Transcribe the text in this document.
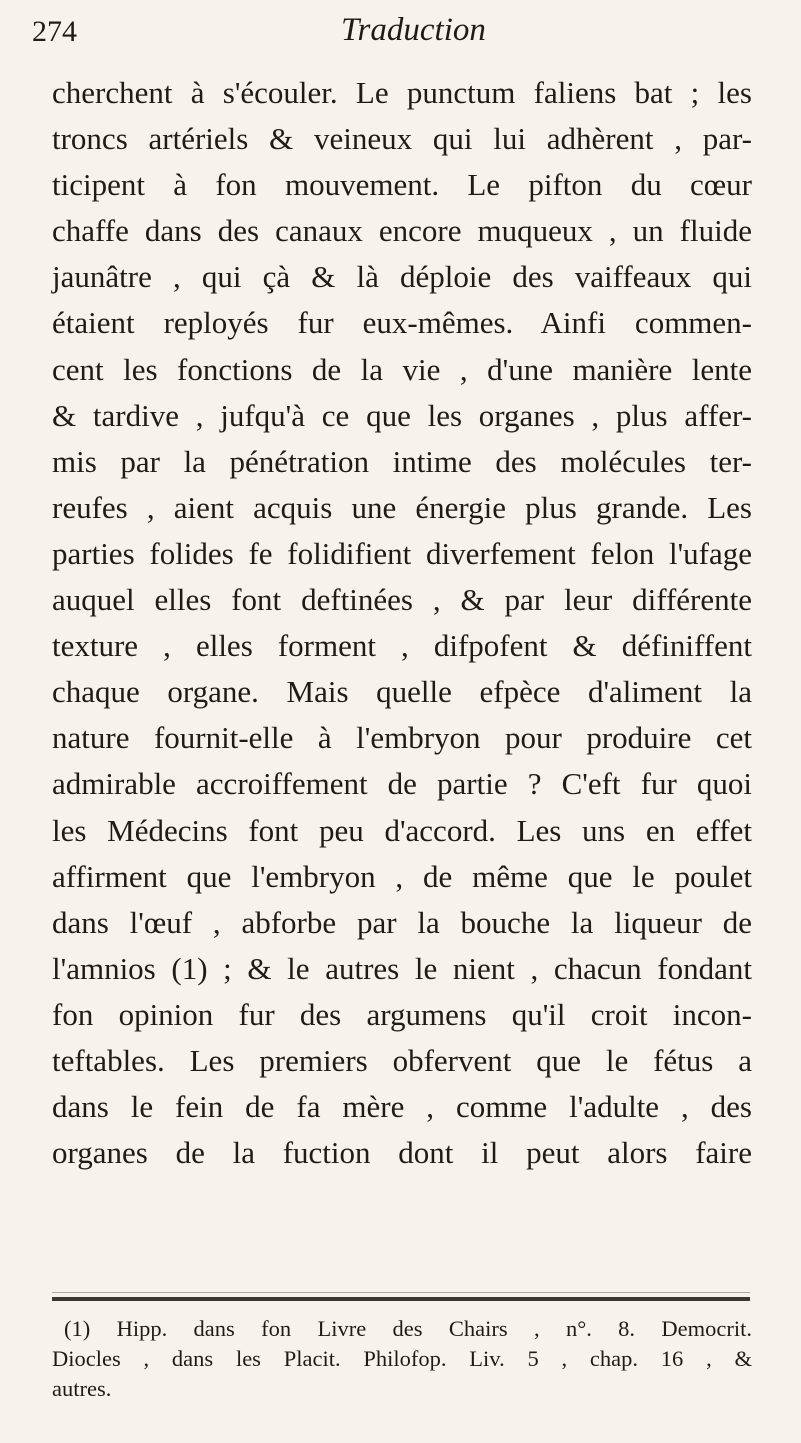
274	Traduction
cherchent à s'écouler. Le punctum faliens bat ; les
troncs artériels & veineux qui lui adhèrent , par-
ticipent à fon mouvement. Le pifton du cœur
chaffe dans des canaux encore muqueux , un fluide
jaunâtre , qui çà & là déploie des vaiffeaux qui
étaient reployés fur eux-mêmes. Ainfi commen-
cent les fonctions de la vie , d'une manière lente
& tardive , jufqu'à ce que les organes , plus affer-
mis par la pénétration intime des molécules ter-
reufes , aient acquis une énergie plus grande. Les
parties folides fe folidifient diverfement felon l'ufage
auquel elles font deftinées , & par leur différente
texture , elles forment , difpofent & définiffent
chaque organe. Mais quelle efpèce d'aliment la
nature fournit-elle à l'embryon pour produire cet
admirable accroiffement de partie ? C'eft fur quoi
les Médecins font peu d'accord. Les uns en effet
affirment que l'embryon , de même que le poulet
dans l'œuf , abforbe par la bouche la liqueur de
l'amnios (1) ; & le autres le nient , chacun fondant
fon opinion fur des argumens qu'il croit incon-
teftables. Les premiers obfervent que le fétus a
dans le fein de fa mère , comme l'adulte , des
organes de la fuction dont il peut alors faire
(1) Hipp. dans fon Livre des Chairs , n°. 8. Democrit.
Diocles , dans les Placit. Philofop. Liv. 5 , chap. 16 , &
autres.
